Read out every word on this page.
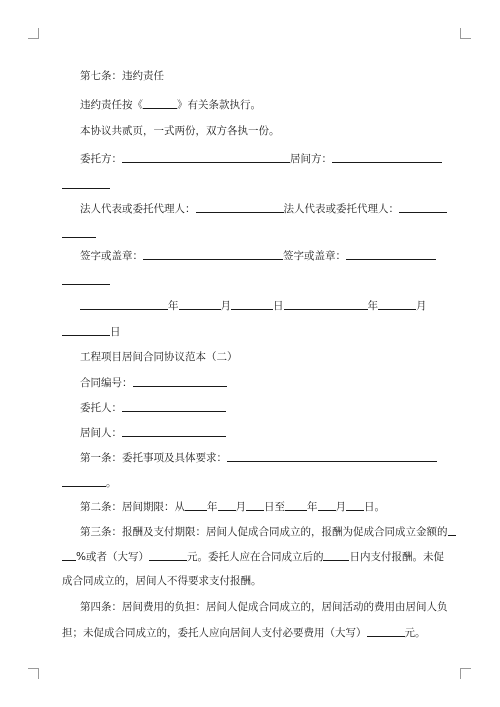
第七条：违约责任
违约责任按《	》有关条款执行。
本协议共贰页，一式两份，双方各执一份。
委托方：	居间方：
法人代表或委托代理人：	法人代表或委托代理人：
签字或盖章：	签字或盖章：
年	月	日	年	月
日
工程项目居间合同协议范本（二）
合同编号：
委托人：
居间人：
第一条：委托事项及具体要求：
。
第二条：居间期限：从 年 月 日至 年 月 日。
第三条：报酬及支付期限：居间人促成合同成立的，报酬为促成合同成立金额的
%或者（大写）	元。委托人应在合同成立后的 日内支付报酬。未促
成合同成立的，居间人不得要求支付报酬。
第四条：居间费用的负担：居间人促成合同成立的，居间活动的费用由居间人负
担；未促成合同成立的，委托人应向居间人支付必要费用（大写）	元。
